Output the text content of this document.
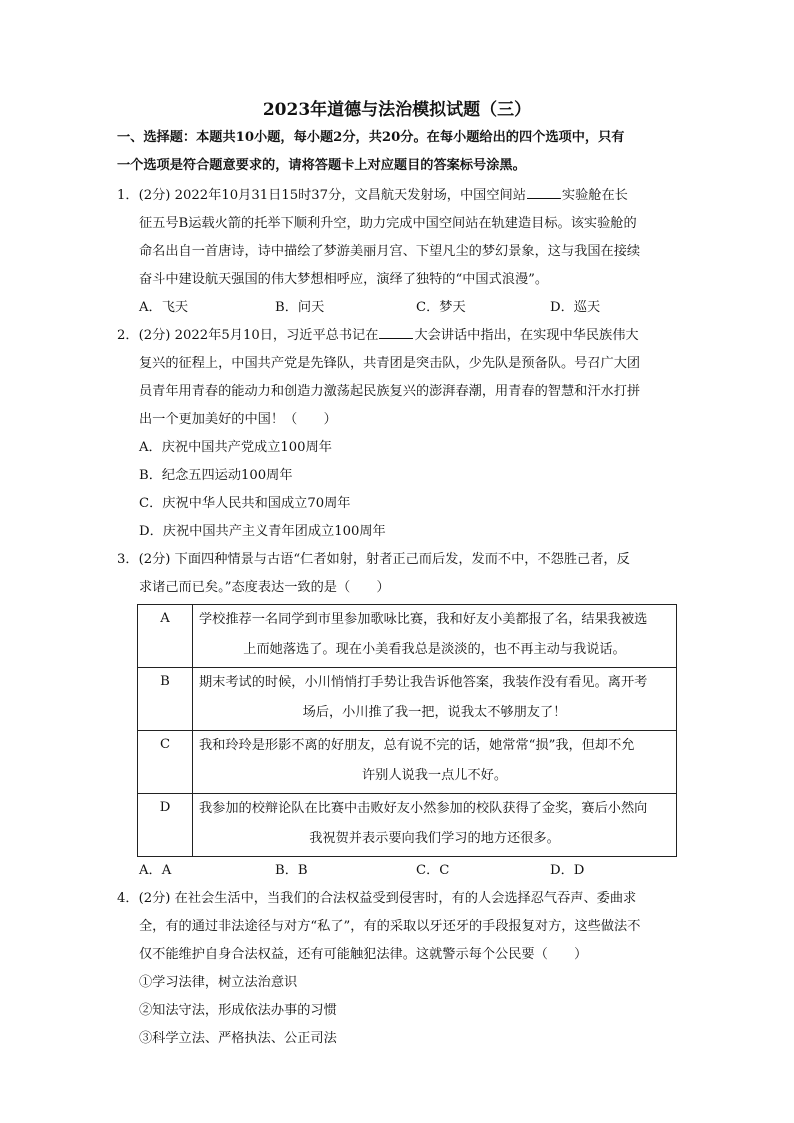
2023年道德与法治模拟试题（三）
一、选择题：本题共10小题，每小题2分，共20分。在每小题给出的四个选项中，只有
一个选项是符合题意要求的，请将答题卡上对应题目的答案标号涂黑。
1．(2分) 2022年10月31日15时37分，文昌航天发射场，中国空间站	实验舱在长
征五号B运载火箭的托举下顺利升空，助力完成中国空间站在轨建造目标。该实验舱的
命名出自一首唐诗，诗中描绘了梦游美丽月宫、下望凡尘的梦幻景象，这与我国在接续
奋斗中建设航天强国的伟大梦想相呼应，演绎了独特的“中国式浪漫”。
A．飞天	B．问天	C．梦天	D．巡天
2．(2分) 2022年5月10日，习近平总书记在	大会讲话中指出，在实现中华民族伟大
复兴的征程上，中国共产党是先锋队，共青团是突击队，少先队是预备队。号召广大团
员青年用青春的能动力和创造力激荡起民族复兴的澎湃春潮，用青春的智慧和汗水打拼
出一个更加美好的中国！（　　）
A．庆祝中国共产党成立100周年
B．纪念五四运动100周年
C．庆祝中华人民共和国成立70周年
D．庆祝中国共产主义青年团成立100周年
3．(2分) 下面四种情景与古语“仁者如射，射者正己而后发，发而不中，不怨胜己者，反
求诸己而已矣。”态度表达一致的是（　　）
A	学校推荐一名同学到市里参加歌咏比赛，我和好友小美都报了名，结果我被选
上而她落选了。现在小美看我总是淡淡的，也不再主动与我说话。

B	期末考试的时候，小川悄悄打手势让我告诉他答案，我装作没有看见。离开考
场后，小川推了我一把，说我太不够朋友了！

C	我和玲玲是形影不离的好朋友，总有说不完的话，她常常“损”我，但却不允
许别人说我一点儿不好。

D	我参加的校辩论队在比赛中击败好友小然参加的校队获得了金奖，赛后小然向
我祝贺并表示要向我们学习的地方还很多。
A．A	B．B	C．C	D．D
4．(2分) 在社会生活中，当我们的合法权益受到侵害时，有的人会选择忍气吞声、委曲求
全，有的通过非法途径与对方“私了”，有的采取以牙还牙的手段报复对方，这些做法不
仅不能维护自身合法权益，还有可能触犯法律。这就警示每个公民要（　　）
①学习法律，树立法治意识
②知法守法，形成依法办事的习惯
③科学立法、严格执法、公正司法
